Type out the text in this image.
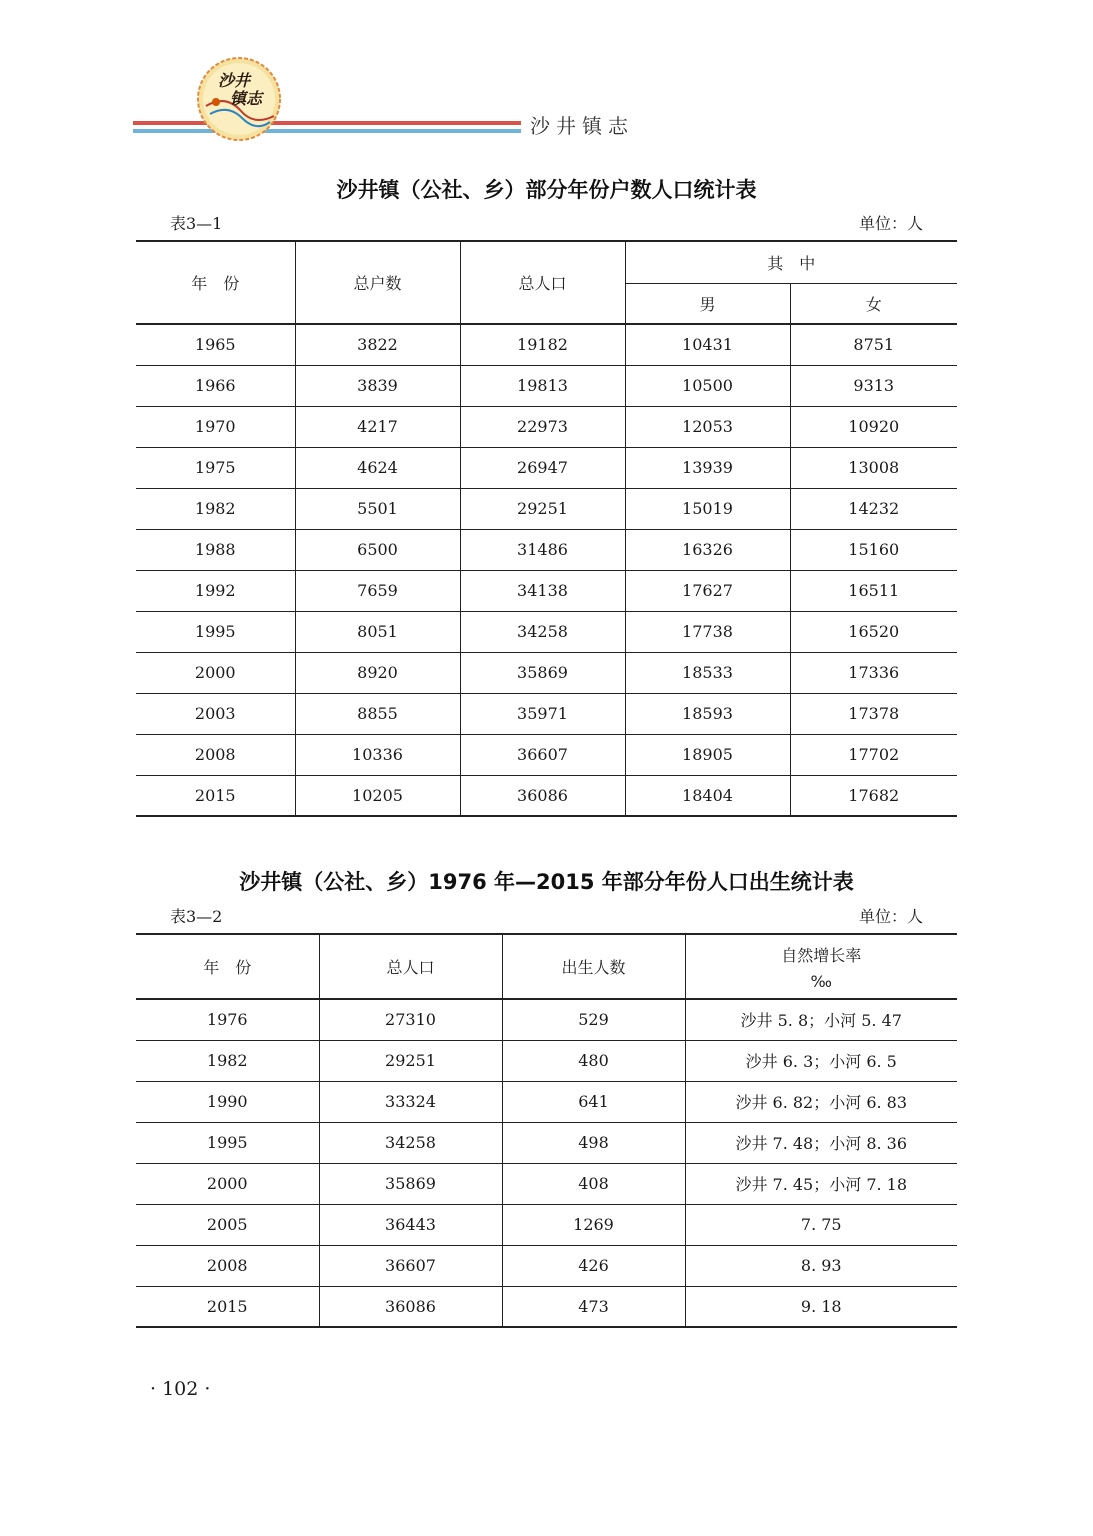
沙井
镇志
沙井镇志
沙井镇（公社、乡）部分年份户数人口统计表
表3—1	单位：人
年　份	总户数	总人口	其　中	
			男	女
1965	3822	19182	10431	8751
1966	3839	19813	10500	9313
1970	4217	22973	12053	10920
1975	4624	26947	13939	13008
1982	5501	29251	15019	14232
1988	6500	31486	16326	15160
1992	7659	34138	17627	16511
1995	8051	34258	17738	16520
2000	8920	35869	18533	17336
2003	8855	35971	18593	17378
2008	10336	36607	18905	17702
2015	10205	36086	18404	17682
沙井镇（公社、乡）1976 年—2015 年部分年份人口出生统计表
表3—2	单位：人
年　份	总人口	出生人数	自然增长率
‰

1976	27310	529	沙井 5. 8；小河 5. 47
1982	29251	480	沙井 6. 3；小河 6. 5
1990	33324	641	沙井 6. 82；小河 6. 83
1995	34258	498	沙井 7. 48；小河 8. 36
2000	35869	408	沙井 7. 45；小河 7. 18
2005	36443	1269	7. 75
2008	36607	426	8. 93
2015	36086	473	9. 18
· 102 ·
